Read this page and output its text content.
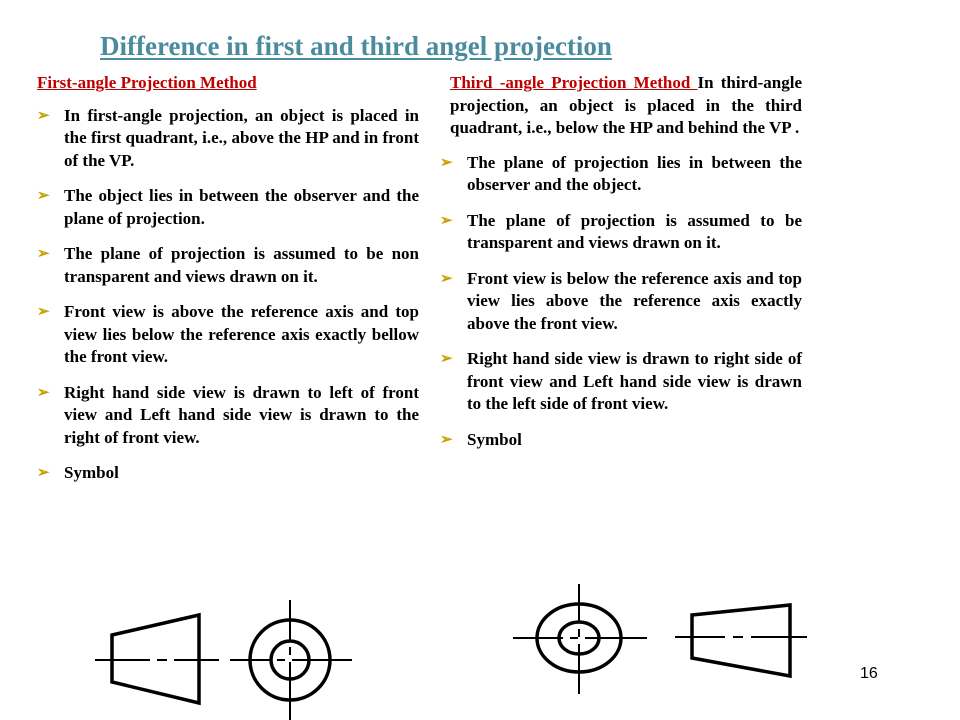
Difference in first and third angel projection
First-angle Projection Method
➢ In first-angle projection, an object is placed in the first quadrant, i.e., above the HP and in front of the VP.
➢ The object lies in between the observer and the plane of projection.
➢ The plane of projection is assumed to be non transparent and views drawn on it.
➢ Front view is above the reference axis and top view lies below the reference axis exactly bellow the front view.
➢ Right hand side view is drawn to left of front view and Left hand side view is drawn to the right of front view.
➢ Symbol
Third -angle Projection Method In third-angle projection, an object is placed in the third quadrant, i.e., below the HP and behind the VP .
➢ The plane of projection lies in between the observer and the object.
➢ The plane of projection is assumed to be transparent and views drawn on it.
➢ Front view is below the reference axis and top view lies above the reference axis exactly above the front view.
➢ Right hand side view is drawn to right side of front view and Left hand side view is drawn to the left side of front view.
➢ Symbol
16
